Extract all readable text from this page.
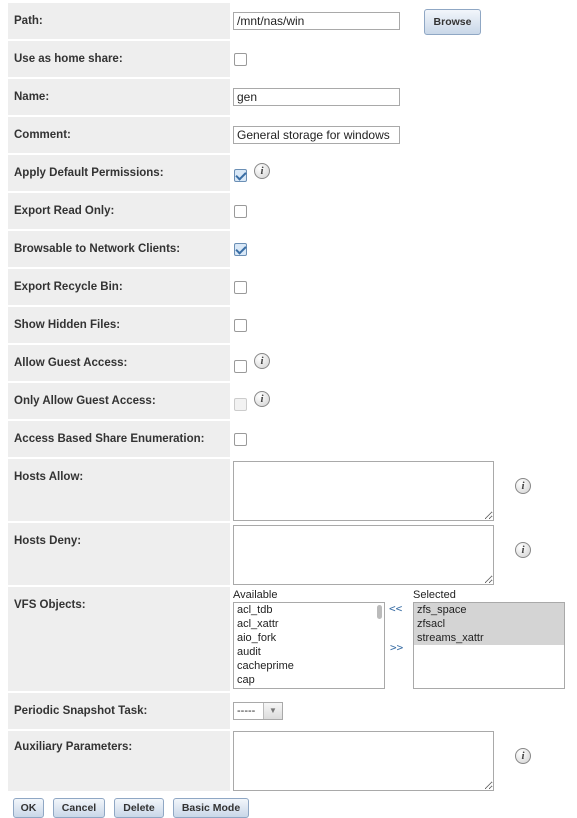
Path:
/mnt/nas/win	Browse
Use as home share:
Name:
gen
Comment:
General storage for windows
Apply Default Permissions:	i
Export Read Only:
Browsable to Network Clients:
Export Recycle Bin:
Show Hidden Files:
Allow Guest Access:	i
Only Allow Guest Access:	i
Access Based Share Enumeration:
Hosts Allow:
i
Hosts Deny:
i
VFS Objects:
Available
acl_tdb
acl_xattr
aio_fork
audit
cacheprime
cap
<<
>>
Selected
zfs_space
zfsacl
streams_xattr
Periodic Snapshot Task:	-----	▼
Auxiliary Parameters:
i
OK	Cancel	Delete	Basic Mode
